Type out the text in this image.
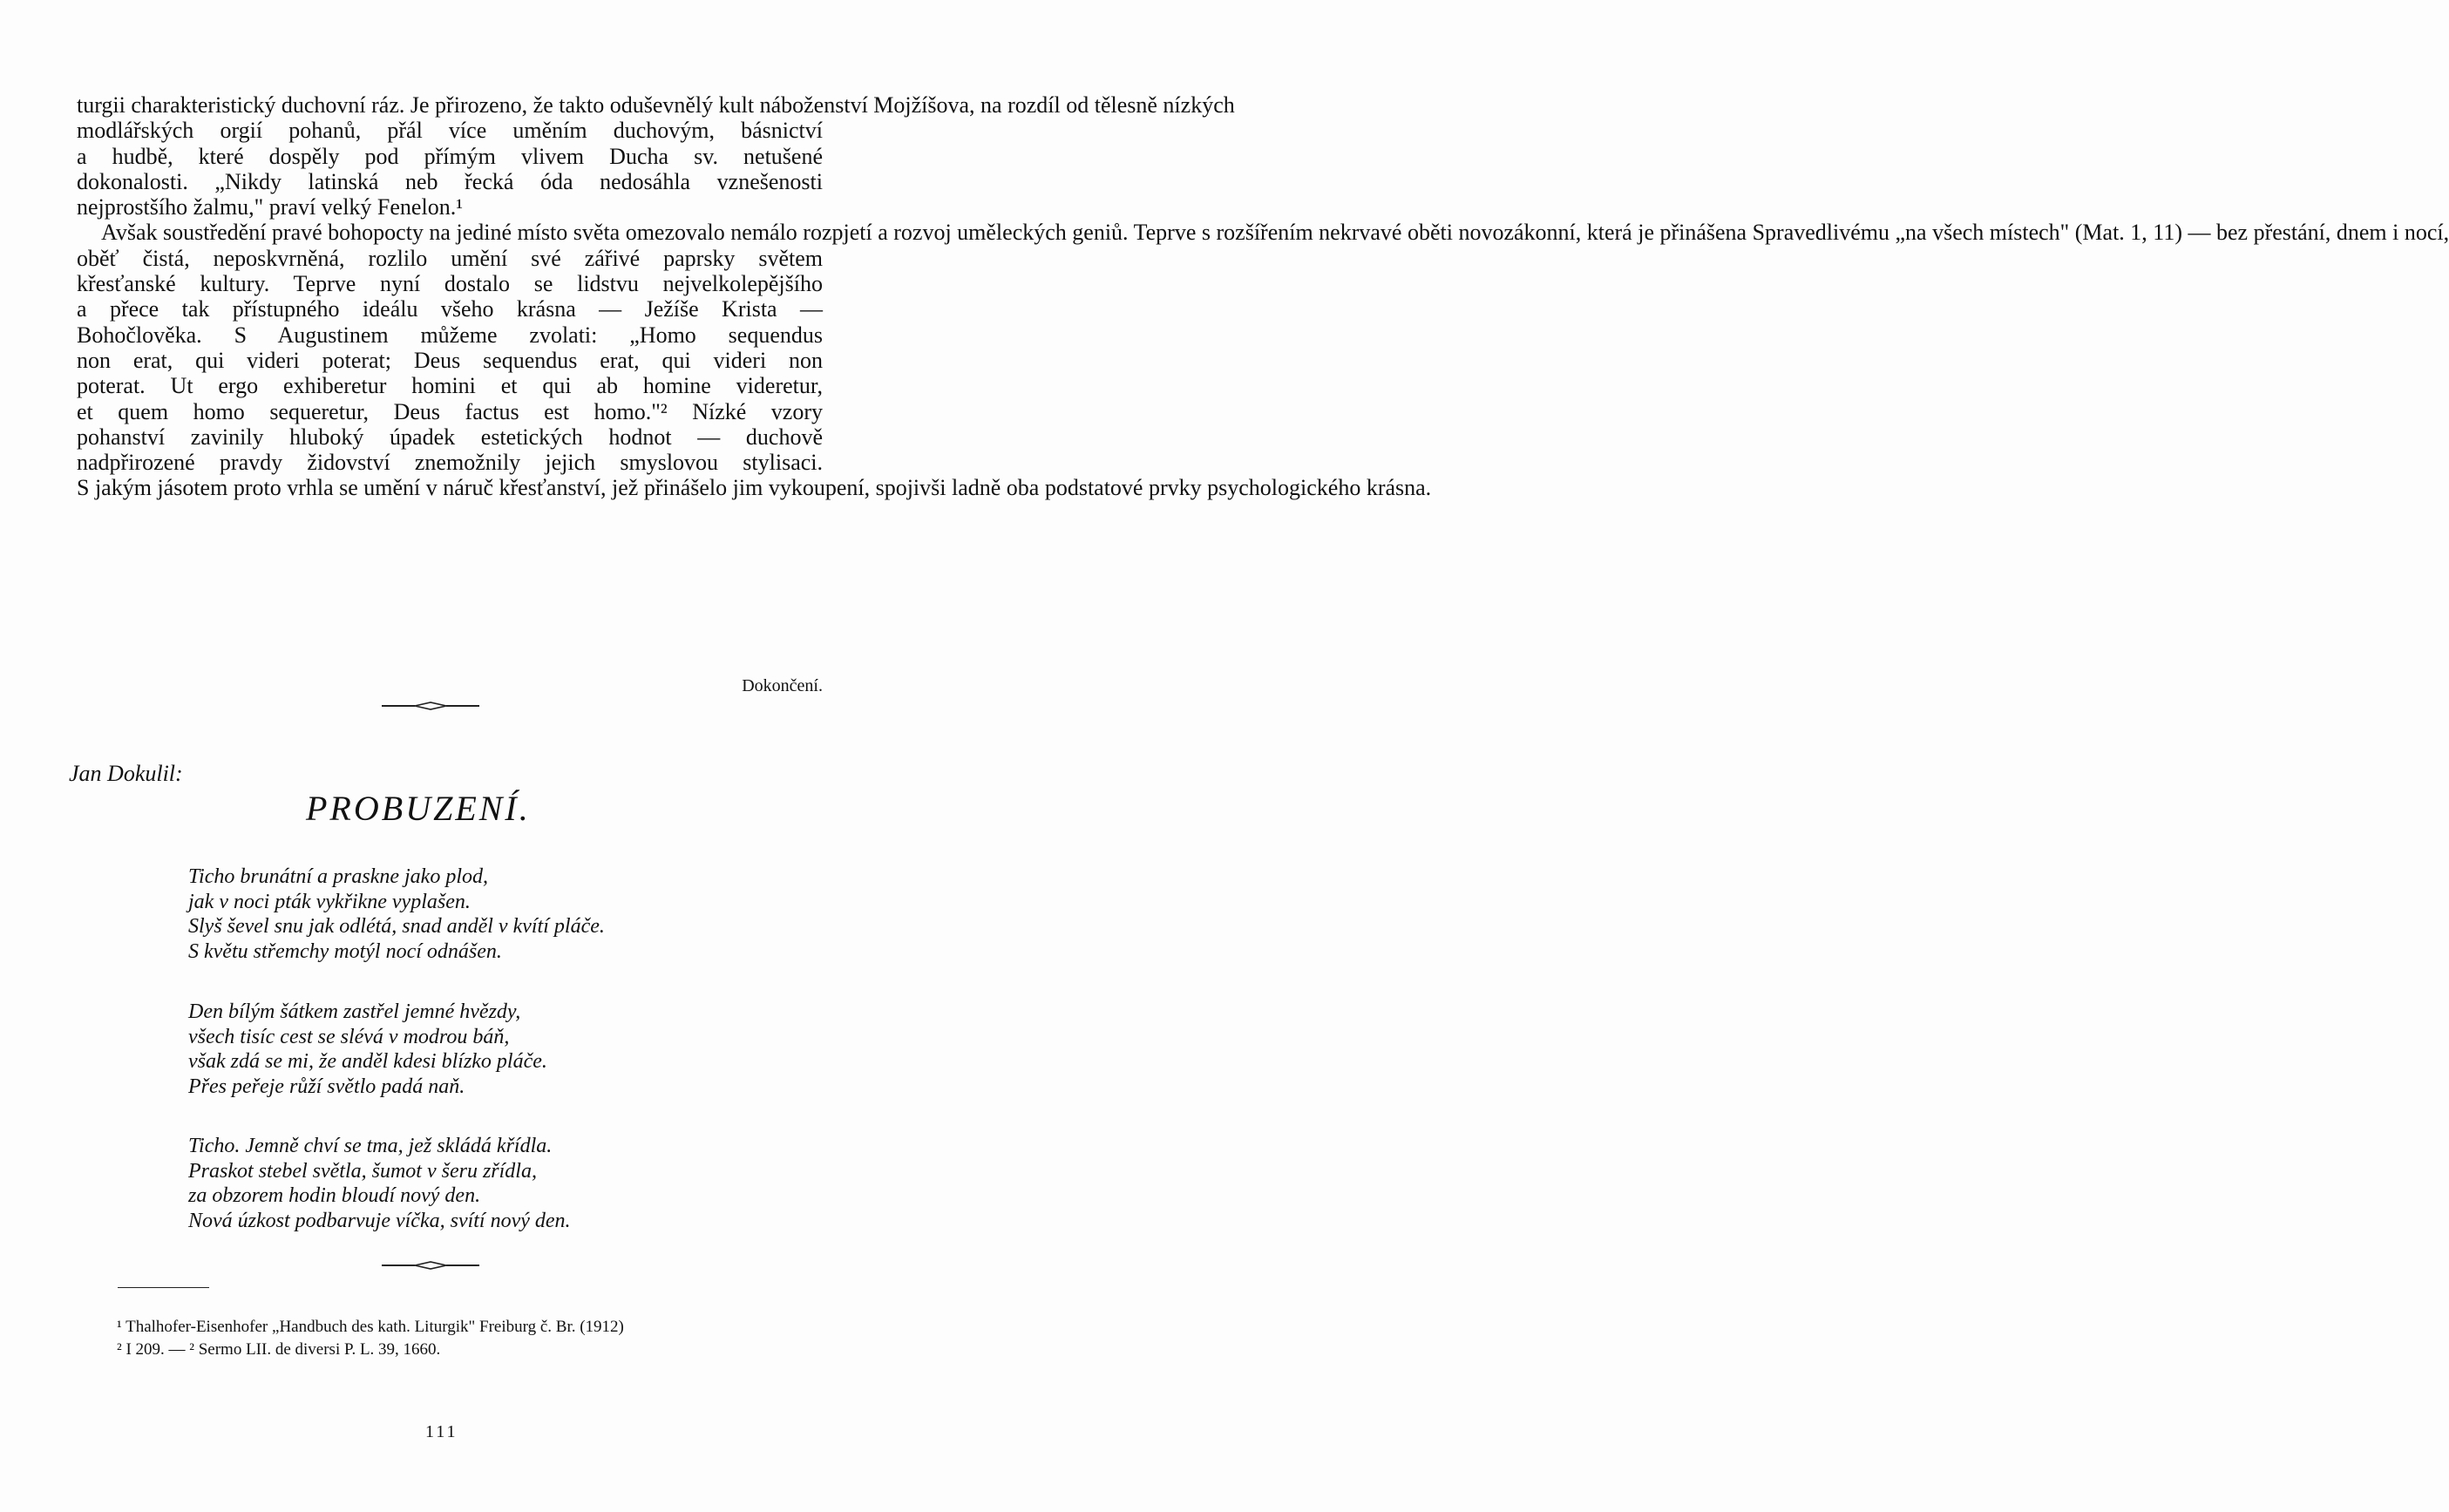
turgii charakteristický duchovní ráz. Je přirozeno, že takto oduševnělý kult náboženství Mojžíšova, na rozdíl od tělesně nízkých
modlářských orgií pohanů, přál více uměním duchovým, básnictví
a hudbě, které dospěly pod přímým vlivem Ducha sv. netušené
dokonalosti. „Nikdy latinská neb řecká óda nedosáhla vznešenosti
nejprostšího žalmu," praví velký Fenelon.¹
Avšak soustředění pravé bohopocty na jediné místo světa omezovalo nemálo rozpjetí a rozvoj uměleckých geniů. Teprve s rozšířením nekrvavé oběti novozákonní, která je přinášena Spravedlivému „na všech místech" (Mat. 1, 11) — bez přestání, dnem i nocí,
oběť čistá, neposkvrněná, rozlilo umění své zářivé paprsky světem
křesťanské kultury. Teprve nyní dostalo se lidstvu nejvelkolepějšího
a přece tak přístupného ideálu všeho krásna — Ježíše Krista —
Bohočlověka. S Augustinem můžeme zvolati: „Homo sequendus
non erat, qui videri poterat; Deus sequendus erat, qui videri non
poterat. Ut ergo exhiberetur homini et qui ab homine videretur,
et quem homo sequeretur, Deus factus est homo."² Nízké vzory
pohanství zavinily hluboký úpadek estetických hodnot — duchově
nadpřirozené pravdy židovství znemožnily jejich smyslovou stylisaci.
S jakým jásotem proto vrhla se umění v náruč křesťanství, jež přinášelo jim vykoupení, spojivši ladně oba podstatové prvky psychologického krásna.
Dokončení.
Jan Dokulil:
PROBUZENÍ.
Ticho brunátní a praskne jako plod,
jak v noci pták vykřikne vyplašen.
Slyš ševel snu jak odlétá, snad anděl v kvítí pláče.
S květu střemchy motýl nocí odnášen.
Den bílým šátkem zastřel jemné hvězdy,
všech tisíc cest se slévá v modrou báň,
však zdá se mi, že anděl kdesi blízko pláče.
Přes peřeje růží světlo padá naň.
Ticho. Jemně chví se tma, jež skládá křídla.
Praskot stebel světla, šumot v šeru zřídla,
za obzorem hodin bloudí nový den.
Nová úzkost podbarvuje víčka, svítí nový den.
¹ Thalhofer-Eisenhofer „Handbuch des kath. Liturgik" Freiburg č. Br. (1912)
² I 209. — ² Sermo LII. de diversi P. L. 39, 1660.
111
